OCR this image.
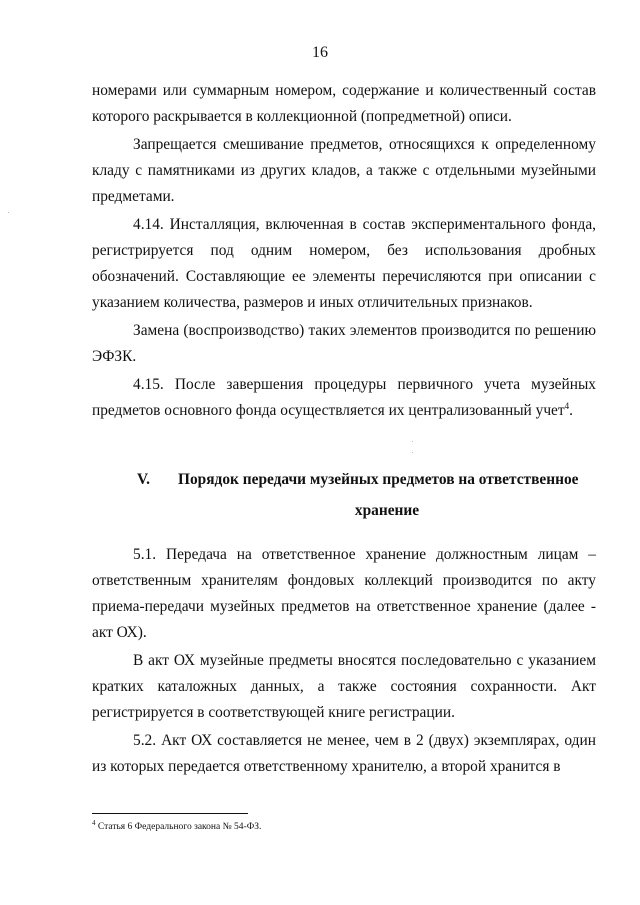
16

номерами или суммарным номером, содержание и количественный состав которого раскрывается в коллекционной (попредметной) описи.

Запрещается смешивание предметов, относящихся к определенному кладу с памятниками из других кладов, а также с отдельными музейными предметами.

4.14. Инсталляция, включенная в состав экспериментального фонда, регистрируется под одним номером, без использования дробных обозначений. Составляющие ее элементы перечисляются при описании с указанием количества, размеров и иных отличительных признаков.

Замена (воспроизводство) таких элементов производится по решению ЭФЗК.

4.15. После завершения процедуры первичного учета музейных предметов основного фонда осуществляется их централизованный учет$^4$.

V.	Порядок передачи музейных предметов на ответственное
хранение

5.1. Передача на ответственное хранение должностным лицам – ответственным хранителям фондовых коллекций производится по акту приема-передачи музейных предметов на ответственное хранение (далее - акт ОХ).

В акт ОХ музейные предметы вносятся последовательно с указанием кратких каталожных данных, а также состояния сохранности. Акт регистрируется в соответствующей книге регистрации.

5.2. Акт ОХ составляется не менее, чем в 2 (двух) экземплярах, один из которых передается ответственному хранителю, а второй хранится в

$^4$ Статья 6 Федерального закона № 54-ФЗ.
